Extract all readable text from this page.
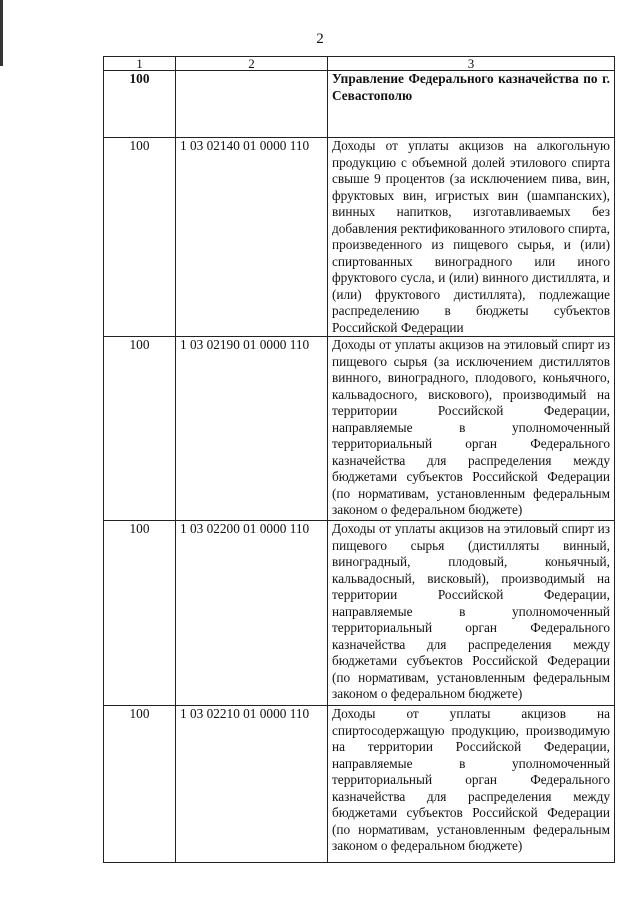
2
1	2	3
100		Управление Федерального казначейства по г. Севастополю
100	1 03 02140 01 0000 110	Доходы от уплаты акцизов на алкогольную продукцию с объемной долей этилового спирта свыше 9 процентов (за исключением пива, вин, фруктовых вин, игристых вин (шампанских), винных напитков, изготавливаемых без добавления ректификованного этилового спирта, произведенного из пищевого сырья, и (или) спиртованных виноградного или иного фруктового сусла, и (или) винного дистиллята, и (или) фруктового дистиллята), подлежащие распределению в бюджеты субъектов Российской Федерации
100	1 03 02190 01 0000 110	Доходы от уплаты акцизов на этиловый спирт из пищевого сырья (за исключением дистиллятов винного, виноградного, плодового, коньячного, кальвадосного, вискового), производимый на территории Российской Федерации, направляемые в уполномоченный территориальный орган Федерального казначейства для распределения между бюджетами субъектов Российской Федерации (по нормативам, установленным федеральным законом о федеральном бюджете)
100	1 03 02200 01 0000 110	Доходы от уплаты акцизов на этиловый спирт из пищевого сырья (дистилляты винный, виноградный, плодовый, коньячный, кальвадосный, висковый), производимый на территории Российской Федерации, направляемые в уполномоченный территориальный орган Федерального казначейства для распределения между бюджетами субъектов Российской Федерации (по нормативам, установленным федеральным законом о федеральном бюджете)
100	1 03 02210 01 0000 110	Доходы от уплаты акцизов на спиртосодержащую продукцию, производимую на территории Российской Федерации, направляемые в уполномоченный территориальный орган Федерального казначейства для распределения между бюджетами субъектов Российской Федерации (по нормативам, установленным федеральным законом о федеральном бюджете)
